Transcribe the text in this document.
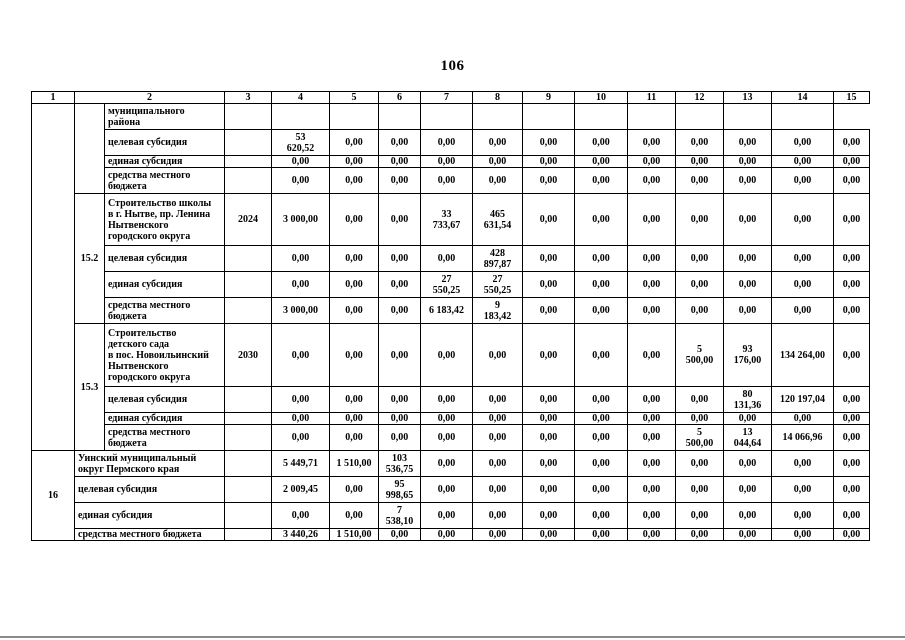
106
1	2		3	4	5	6	7	8	9	10	11	12	13	14	15
		муниципального
района													
		целевая субсидия		53
620,52	0,00	0,00	0,00	0,00	0,00	0,00	0,00	0,00	0,00	0,00	0,00
		единая субсидия		0,00	0,00	0,00	0,00	0,00	0,00	0,00	0,00	0,00	0,00	0,00	0,00
		средства местного
бюджета		0,00	0,00	0,00	0,00	0,00	0,00	0,00	0,00	0,00	0,00	0,00	0,00
	15.2	Строительство школы
в г. Нытве, пр. Ленина
Нытвенского
городского округа	2024	3 000,00	0,00	0,00	33
733,67	465
631,54	0,00	0,00	0,00	0,00	0,00	0,00	0,00
		целевая субсидия		0,00	0,00	0,00	0,00	428
897,87	0,00	0,00	0,00	0,00	0,00	0,00	0,00
		единая субсидия		0,00	0,00	0,00	27
550,25	27
550,25	0,00	0,00	0,00	0,00	0,00	0,00	0,00
		средства местного
бюджета		3 000,00	0,00	0,00	6 183,42	9
183,42	0,00	0,00	0,00	0,00	0,00	0,00	0,00
	15.3	Строительство
детского сада
в пос. Новоильинский
Нытвенского
городского округа	2030	0,00	0,00	0,00	0,00	0,00	0,00	0,00	0,00	5
500,00	93
176,00	134 264,00	0,00
		целевая субсидия		0,00	0,00	0,00	0,00	0,00	0,00	0,00	0,00	0,00	80
131,36	120 197,04	0,00
		единая субсидия		0,00	0,00	0,00	0,00	0,00	0,00	0,00	0,00	0,00	0,00	0,00	0,00
		средства местного
бюджета		0,00	0,00	0,00	0,00	0,00	0,00	0,00	0,00	5
500,00	13
044,64	14 066,96	0,00
16	Уинский муниципальный
округ Пермского края			5 449,71	1 510,00	103
536,75	0,00	0,00	0,00	0,00	0,00	0,00	0,00	0,00	0,00
	целевая субсидия			2 009,45	0,00	95
998,65	0,00	0,00	0,00	0,00	0,00	0,00	0,00	0,00	0,00
	единая субсидия			0,00	0,00	7
538,10	0,00	0,00	0,00	0,00	0,00	0,00	0,00	0,00	0,00
	средства местного бюджета			3 440,26	1 510,00	0,00	0,00	0,00	0,00	0,00	0,00	0,00	0,00	0,00	0,00
